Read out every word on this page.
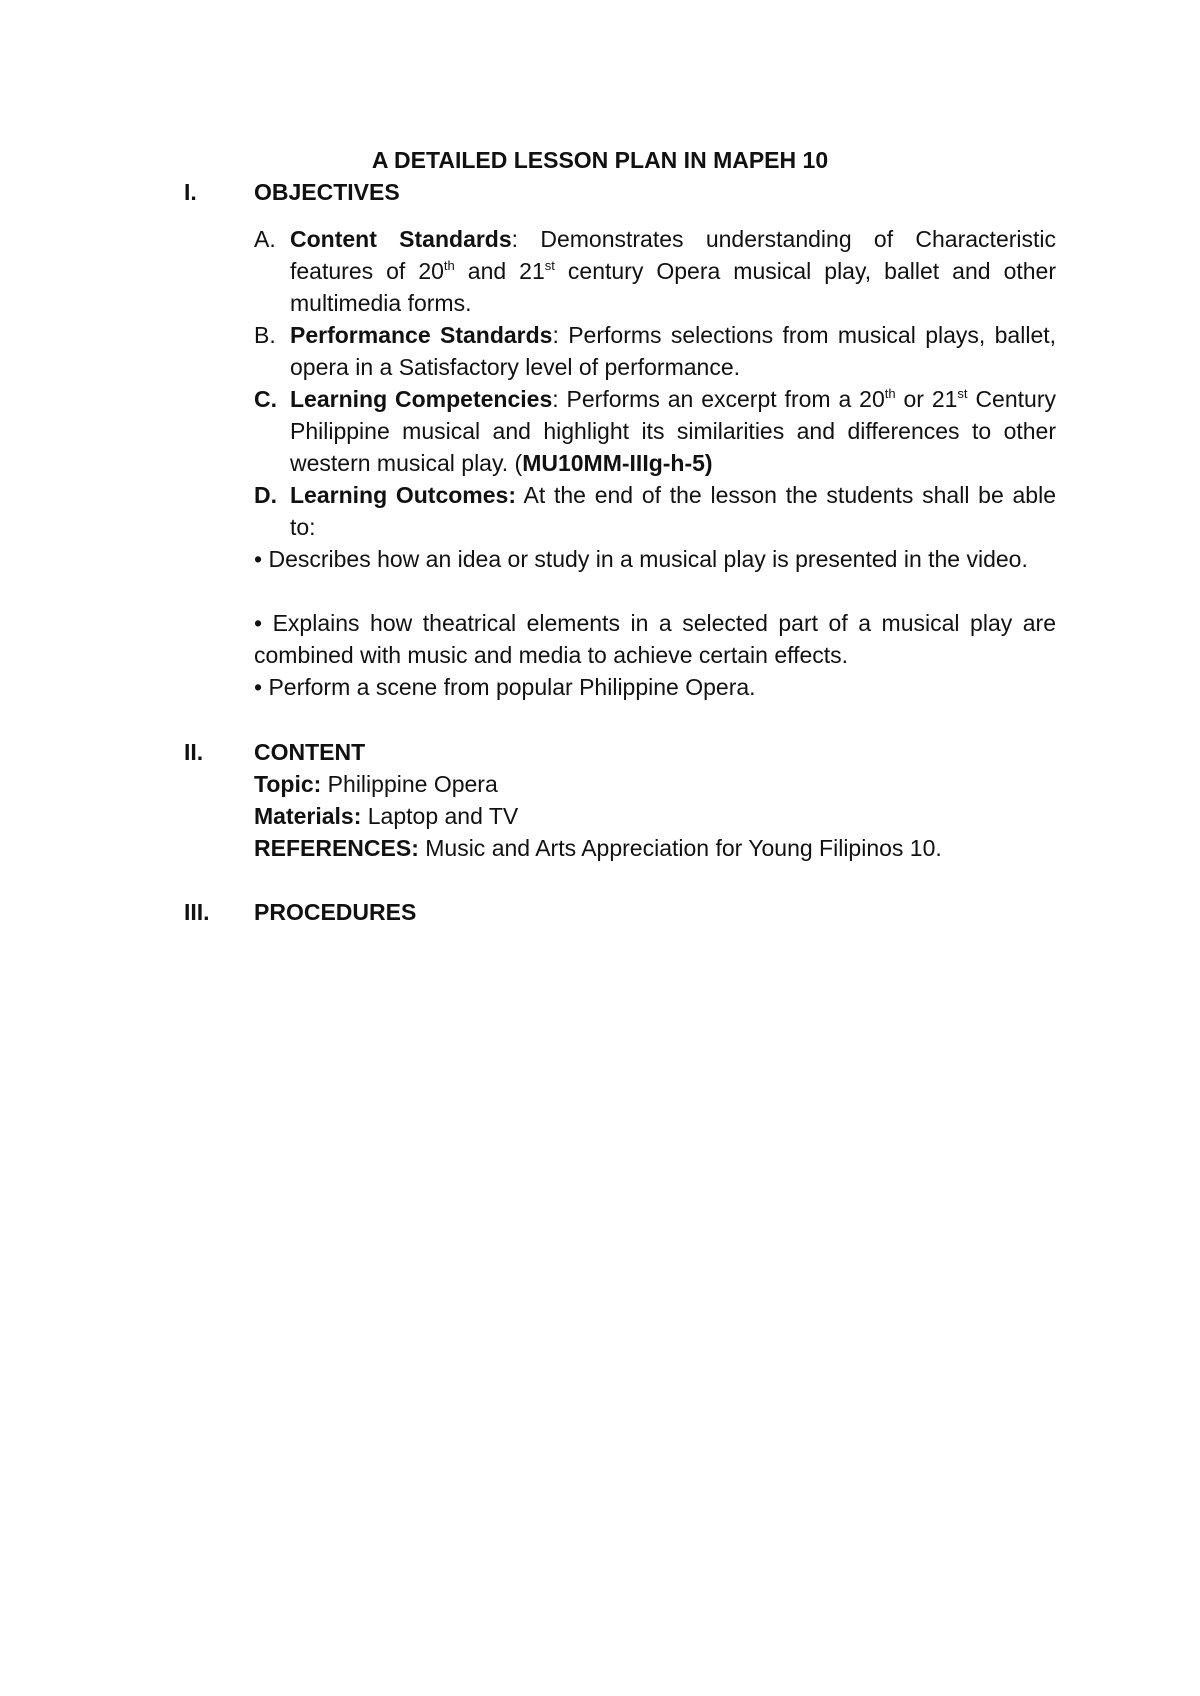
A DETAILED LESSON PLAN IN MAPEH 10
I. OBJECTIVES
A. Content Standards: Demonstrates understanding of Characteristic features of 20th and 21st century Opera musical play, ballet and other multimedia forms.
B. Performance Standards: Performs selections from musical plays, ballet, opera in a Satisfactory level of performance.
C. Learning Competencies: Performs an excerpt from a 20th or 21st Century Philippine musical and highlight its similarities and differences to other western musical play. (MU10MM-IIIg-h-5)
D. Learning Outcomes: At the end of the lesson the students shall be able to:
• Describes how an idea or study in a musical play is presented in the video.
• Explains how theatrical elements in a selected part of a musical play are combined with music and media to achieve certain effects.
• Perform a scene from popular Philippine Opera.
II. CONTENT
Topic: Philippine Opera
Materials: Laptop and TV
REFERENCES: Music and Arts Appreciation for Young Filipinos 10.
III. PROCEDURES
